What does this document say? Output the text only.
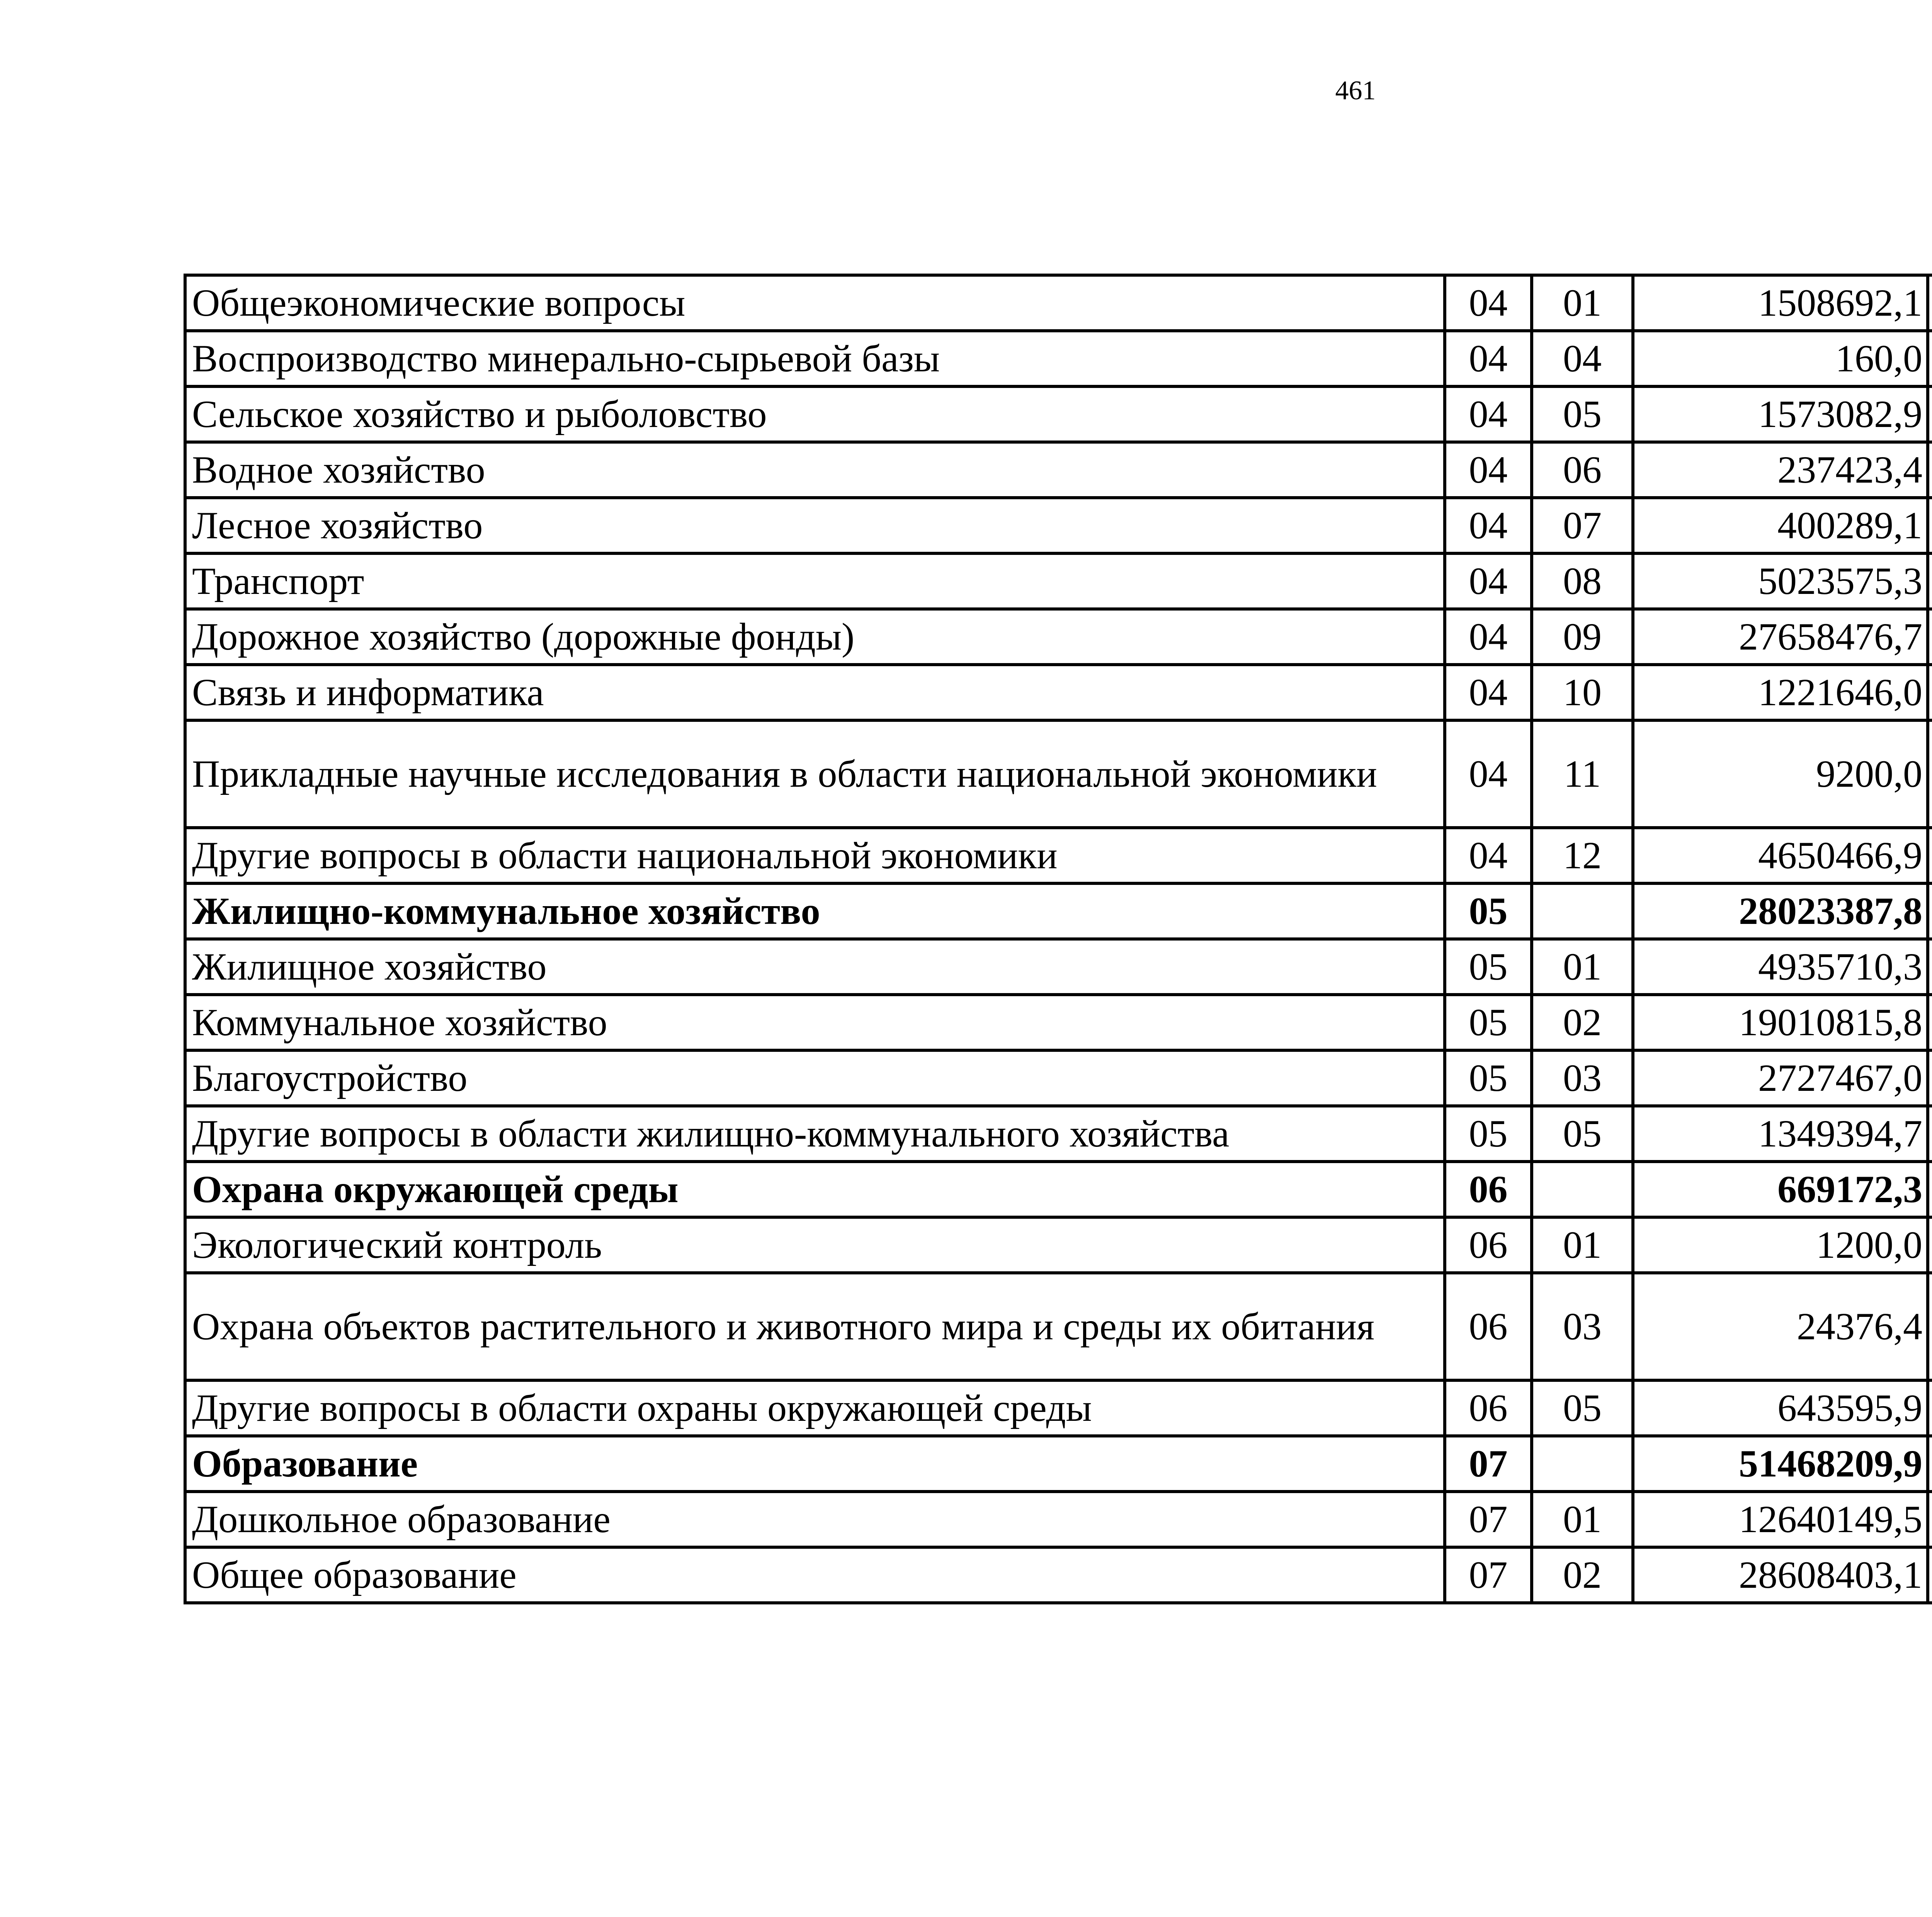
461
Общеэкономические вопросы	04	01	1508692,1		
Воспроизводство минерально-сырьевой базы	04	04	160,0		
Сельское хозяйство и рыболовство	04	05	1573082,9		
Водное хозяйство	04	06	237423,4		
Лесное хозяйство	04	07	400289,1		
Транспорт	04	08	5023575,3		
Дорожное хозяйство (дорожные фонды)	04	09	27658476,7		
Связь и информатика	04	10	1221646,0		
Прикладные научные исследования в области национальной экономики	04	11	9200,0		
Другие вопросы в области национальной экономики	04	12	4650466,9		
Жилищно-коммунальное хозяйство	05		28023387,8		
Жилищное хозяйство	05	01	4935710,3		
Коммунальное хозяйство	05	02	19010815,8		
Благоустройство	05	03	2727467,0		
Другие вопросы в области жилищно-коммунального хозяйства	05	05	1349394,7		
Охрана окружающей среды	06		669172,3		
Экологический контроль	06	01	1200,0		
Охрана объектов растительного и животного мира и среды их обитания	06	03	24376,4		
Другие вопросы в области охраны окружающей среды	06	05	643595,9		
Образование	07		51468209,9		
Дошкольное образование	07	01	12640149,5		
Общее образование	07	02	28608403,1		
